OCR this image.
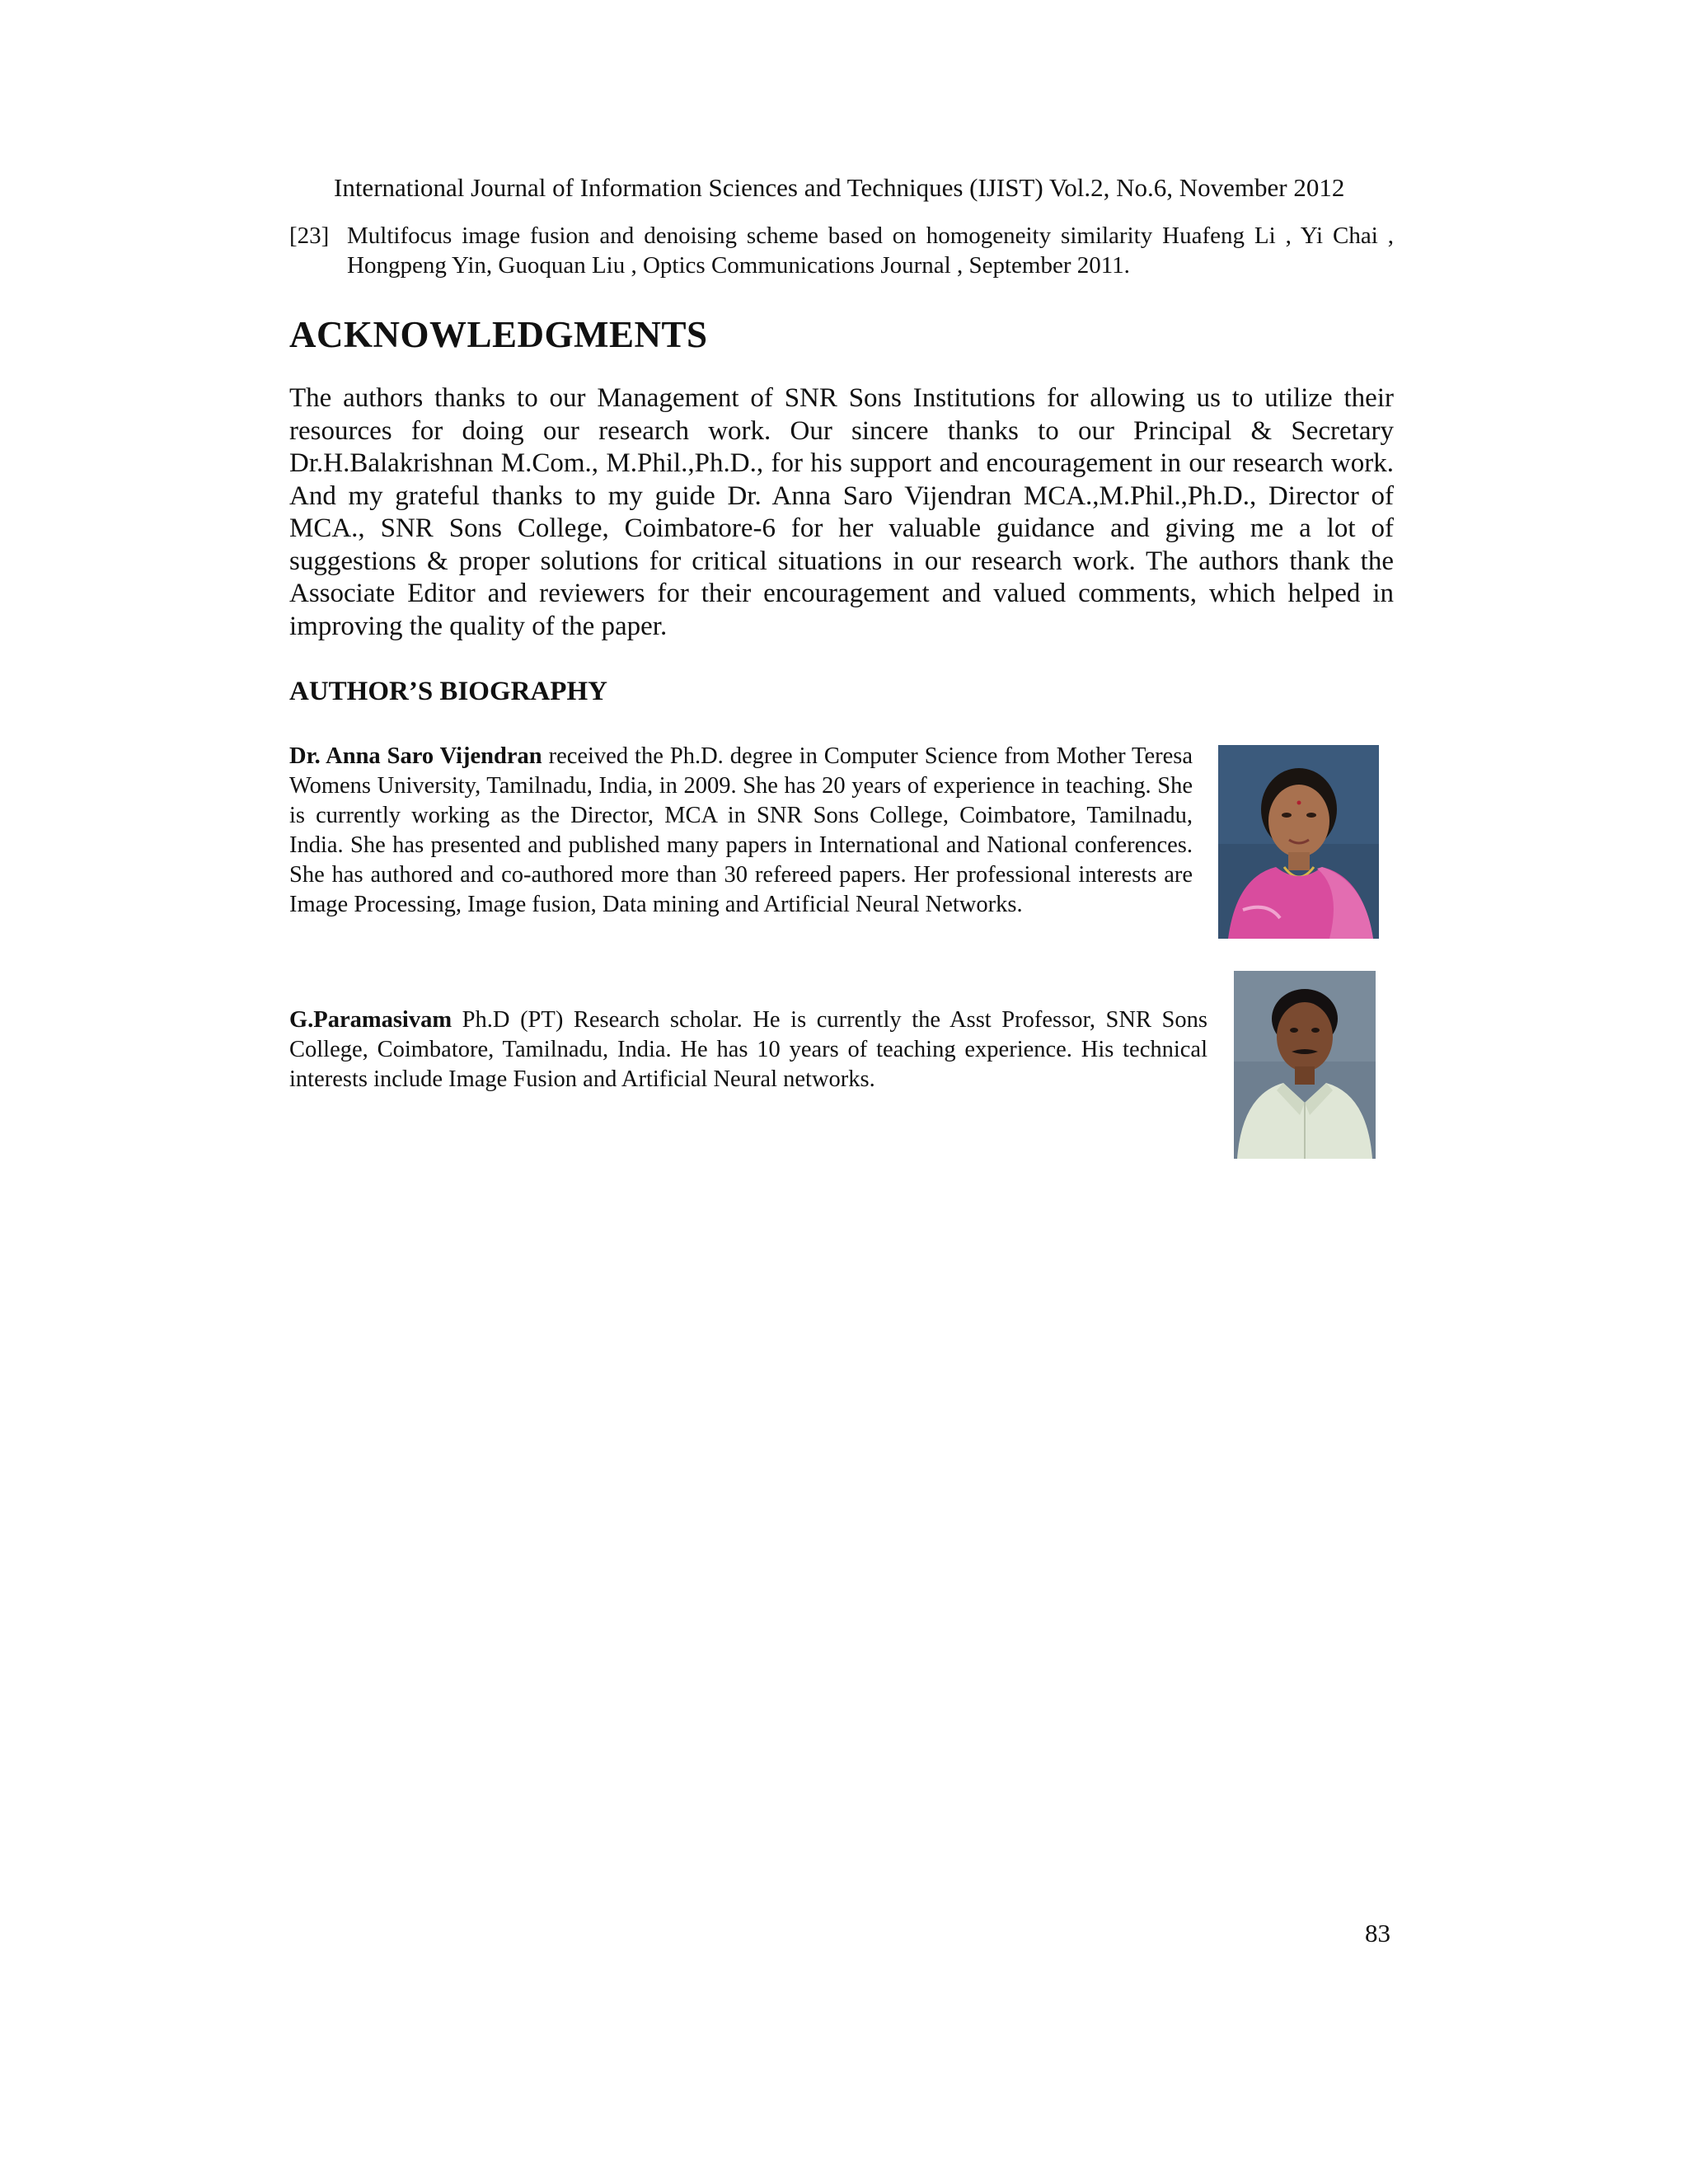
International Journal of Information Sciences and Techniques (IJIST) Vol.2, No.6, November 2012
[23] Multifocus image fusion and denoising scheme based on homogeneity similarity Huafeng Li , Yi Chai , Hongpeng Yin, Guoquan Liu , Optics Communications Journal , September 2011.
ACKNOWLEDGMENTS

The authors thanks to our Management of SNR Sons Institutions for allowing us to utilize their resources for doing our research work. Our sincere thanks to our Principal & Secretary Dr.H.Balakrishnan M.Com., M.Phil.,Ph.D., for his support and encouragement in our research work. And my grateful thanks to my guide Dr. Anna Saro Vijendran MCA.,M.Phil.,Ph.D., Director of MCA., SNR Sons College, Coimbatore-6 for her valuable guidance and giving me a lot of suggestions & proper solutions for critical situations in our research work. The authors thank the Associate Editor and reviewers for their encouragement and valued comments, which helped in improving the quality of the paper.

AUTHOR’S BIOGRAPHY

Dr. Anna Saro Vijendran received the Ph.D. degree in Computer Science from Mother Teresa Womens University, Tamilnadu, India, in 2009. She has 20 years of experience in teaching. She is currently working as the Director, MCA in SNR Sons College, Coimbatore, Tamilnadu, India. She has presented and published many papers in International and National conferences. She has authored and co-authored more than 30 refereed papers. Her professional interests are Image Processing, Image fusion, Data mining and Artificial Neural Networks.

G.Paramasivam Ph.D (PT) Research scholar. He is currently the Asst Professor, SNR Sons College, Coimbatore, Tamilnadu, India. He has 10 years of teaching experience. His technical interests include Image Fusion and Artificial Neural networks.

83
